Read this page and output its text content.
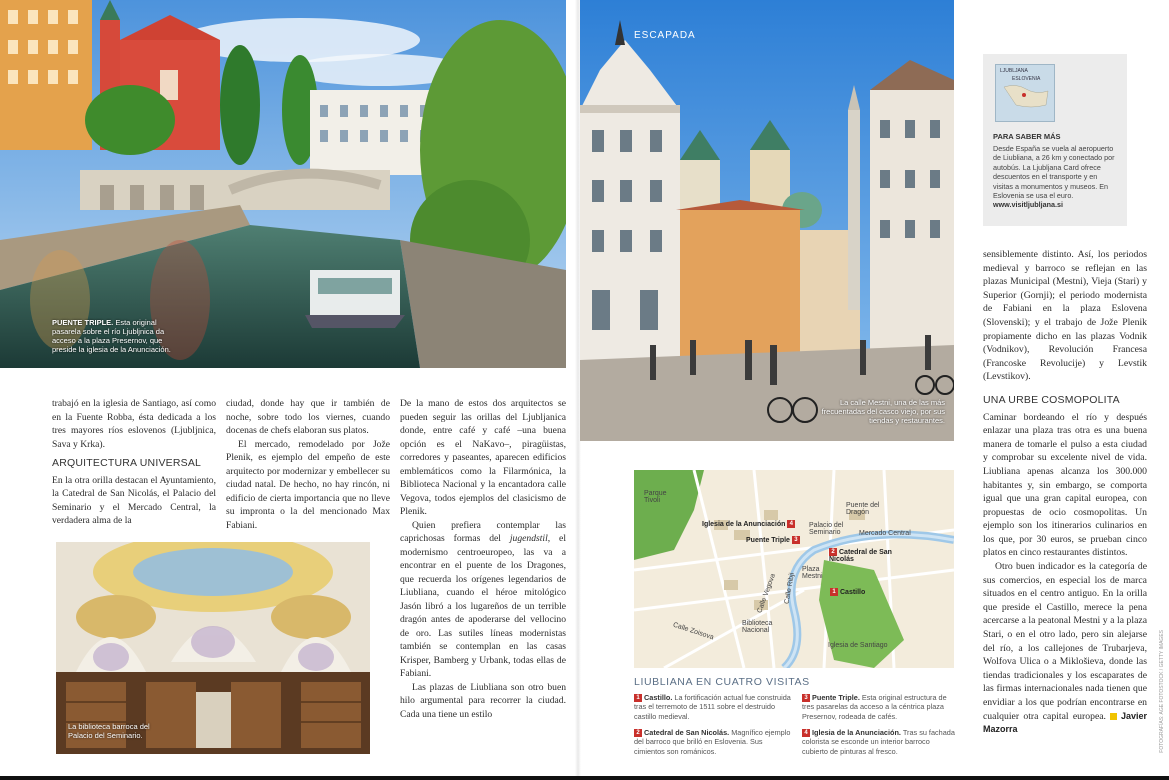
PUENTE TRIPLE. Esta original pasarela sobre el río Ljubljnica da acceso a la plaza Presernov, que preside la iglesia de la Anunciación.
ESCAPADA
La calle Mestni, una de las más frecuentadas del casco viejo, por sus tiendas y restaurantes.
La biblioteca barroca del Palacio del Seminario.

trabajó en la iglesia de Santiago, así como en la Fuente Robba, ésta dedicada a los tres mayores ríos eslovenos (Ljubljnica, Sava y Krka).

ARQUITECTURA UNIVERSAL

En la otra orilla destacan el Ayuntamiento, la Catedral de San Nicolás, el Palacio del Seminario y el Mercado Central, la verdadera alma de la

ciudad, donde hay que ir también de noche, sobre todo los viernes, cuando docenas de chefs elaboran sus platos.

El mercado, remodelado por Jože Plenik, es ejemplo del empeño de este arquitecto por modernizar y embellecer su ciudad natal. De hecho, no hay rincón, ni edificio de cierta importancia que no lleve su impronta o la del mencionado Max Fabiani.

De la mano de estos dos arquitectos se pueden seguir las orillas del Ljubljanica donde, entre café y café –una buena opción es el NaKavo–, piragüistas, corredores y paseantes, aparecen edificios emblemáticos como la Filarmónica, la Biblioteca Nacional y la encantadora calle Vegova, todos ejemplos del clasicismo de Plenik.

Quien prefiera contemplar las caprichosas formas del jugendstil, el modernismo centroeuropeo, las va a encontrar en el puente de los Dragones, que recuerda los orígenes legendarios de Liubliana, cuando el héroe mitológico Jasón libró a los lugareños de un terrible dragón antes de apoderarse del vellocino de oro. Las sutiles líneas modernistas también se contemplan en las casas Krisper, Bamberg y Urbank, todas ellas de Fabiani.

Las plazas de Liubliana son otro buen hilo argumental para recorrer la ciudad. Cada una tiene un estilo

LJUBLJANA
ESLOVENIA
PARA SABER MÁS
Desde España se vuela al aeropuerto de Liubliana, a 26 km y conectado por autobús. La Ljubljana Card ofrece descuentos en el transporte y en visitas a monumentos y museos. En Eslovenia se usa el euro.
www.visitljubljana.si

sensiblemente distinto. Así, los periodos medieval y barroco se reflejan en las plazas Municipal (Mestni), Vieja (Stari) y Superior (Gornji); el periodo modernista de Fabiani en la plaza Eslovena (Slovenski); y el trabajo de Jože Plenik propiamente dicho en las plazas Vodnik (Vodnikov), Revolución Francesa (Francoske Revolucije) y Levstik (Levstikov).

UNA URBE COSMOPOLITA

Caminar bordeando el río y después enlazar una plaza tras otra es una buena manera de tomarle el pulso a esta ciudad y comprobar su excelente nivel de vida. Liubliana apenas alcanza los 300.000 habitantes y, sin embargo, se comporta igual que una gran capital europea, con propuestas de ocio cosmopolitas. Un ejemplo son los itinerarios culinarios en los que, por 30 euros, se prueban cinco platos en cinco restaurantes distintos.

Otro buen indicador es la categoría de sus comercios, en especial los de marca situados en el centro antiguo. En la orilla que preside el Castillo, merece la pena acercarse a la peatonal Mestni y a la plaza Stari, o en el otro lado, pero sin alejarse del río, a los callejones de Trubarjeva, Wolfova Ulica o a Miklošieva, donde las tiendas tradicionales y los escaparates de las firmas internacionales nada tienen que envidiar a los que podrían encontrarse en cualquier otra capital europea. Javier Mazorra

Parque Tivoli
Iglesia de la Anunciación 4	Palacio del Seminario
Puente del Dragón
Mercado Central
Puente Triple 3
2 Catedral de San Nicolás
1 Castillo
Calle Vegova Calle Ribji
Plaza Mestni
Calle Zoisova	Biblioteca Nacional
Iglesia de Santiago
LIUBLIANA EN CUATRO VISITAS
1 Castillo. La fortificación actual fue construida tras el terremoto de 1511 sobre el destruido castillo medieval.
2 Catedral de San Nicolás. Magnífico ejemplo del barroco que brilló en Eslovenia. Sus cimientos son románicos.
3 Puente Triple. Esta original estructura de tres pasarelas da acceso a la céntrica plaza Presernov, rodeada de cafés.
4 Iglesia de la Anunciación. Tras su fachada colorista se esconde un interior barroco cubierto de pinturas al fresco.	FOTOGRAFÍAS: AGE FOTOSTOCK / GETTY IMAGES
